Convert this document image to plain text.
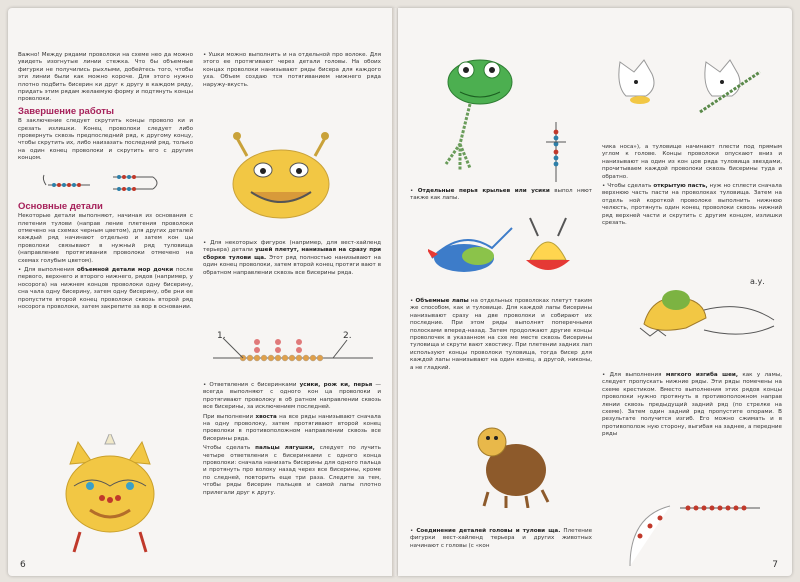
Важно! Между рядами проволоки на схеме нео да можно увидеть изогнутые линии стежка. Что бы объемные фигурки не получились рыхлыми, добейтесь того, чтобы эти линии были как можно короче. Для этого нужно плотно подбить бисерин ки друг к другу в каждом ряду, придать этим рядам желаемую форму и подтянуть концы проволоки.

Завершение работы

В заключение следует скрутить концы проволо ки и срезать излишки. Конец проволоки следует либо провернуть сквозь предпоследний ряд, к другому концу, чтобы скрутить их, либо наизазать последний ряд, только на один конец проволоки и скрутить его с другим концом.

Основные детали

Некоторые детали выполняют, начиная из основания с плетения тулови (направ ление плетения проволоки отмечено на схемах черным цветом), для других деталей каждый ряд начинают отдельно и затем кон цы проволоки связывают в нужный ряд туловища (направление протягивания проволоки отмечено на схемах голубым цветом).

• Для выполнения объемной детали мор дочки после первого, верхнего и второго нижнего, рядов (например, у носорога) на нижнем концов проволоки одну бисерину, сна чала одну бисерину, затем одну бисерину, обе рни ее пропустите второй конец проволоки сквозь второй ряд носорога проволоки, затем закрепите за вор в основании.

• Ушки можно выполнить и на отдельной про волоке. Для этого ее протягивают через детали головы. На обоих концах проволоки нанизывают ряды бисера для каждого уха. Объем создаю тся потягиванием нижнего ряда наружу-вкусть.

• Для некоторых фигурок (например, для вест-хайленд терьера) детали ушей плетут, нанизывая на сразу при сборке тулови ща. Этот ряд полностью нанизывают на один конец проволоки, затем второй конец протяги вают в обратном направлении сквозь все бисерины ряда.

1.	2.

• Ответвления с бисеринками усики, рож ки, перья — всегда выполняют с одного кон ца проволоки и протягивают проволоку в об ратном направлении сквозь все бисерины, за исключением последней.

При выполнении хвоста на все ряды нанизывают сначала на одну проволоку, затем протягивают второй конец проволоки в противоположном направлении сквозь все бисерины ряда.

Чтобы сделать пальцы лягушки, следует по лучить четыре ответвления с бисеринками с одного конца проволоки: сначала нанизать бисерины для одного пальца и протянуть про волоку назад через все бисерины, кроме по следней, повторить еще три раза. Следите за тем, чтобы ряды бисерин пальцев и самой лапы плотно прилегали друг к другу.

6

• Отдельные перья крыльев или усики выпол няют также как лапы.

• Объемные лапы на отдельных проволоках плетут таким же способом, как и туловище. Для каждой лапы бисерины нанизывают сразу на две проволоки и собирают их последние. При этом ряды выполнят поперечными полосками вперед-назад. Затем продолжают другие концы проволочек в указанном на схе ме месте сквозь бисерины туловища и скрути вают хвостику. При плетении задних лап используют концы проволоки туловища, тогда бисер для каждой лапы нанизывают на один конец, а другой, никоны, а не гладкий.

• Соединение деталей головы и тулови ща. Плетение фигурки вест-хайленд терьера и других животных начинают с головы (с «кон

чика носа»), а туловище начинают плести под прямым углом к голове. Концы проволоки опускают вниз и нанизывают на один из кон цов ряда туловища звездами, прочитываем каждой проволоки сквозь бисерины туда и обратно.

• Чтобы сделать открытую пасть, нуж но сплести сначала верхнюю часть пасти на проволоках туловища. Затем на отдель ной короткой проволоке выполнить нижнюю челюсть, протянуть один конец проволоки сквозь нижний ряд верхней части и скрутить с другим концом, излишки срезать.

а.у.

• Для выполнения мягкого изгиба шеи, как у ламы, следует пропускать нижние ряды. Эти ряды помечены на схеме крестиком. Вместо выполнения этих рядов концы проволоки нужно протянуть в противоположном направ лении сквозь предыдущий задний ряд (по стрелке на схеме). Затем один задний ряд пропустите опорами. В результате получится изгиб. Его можно сжимать и в противополож ную сторону, выгибая на заднее, а передние ряды

7
